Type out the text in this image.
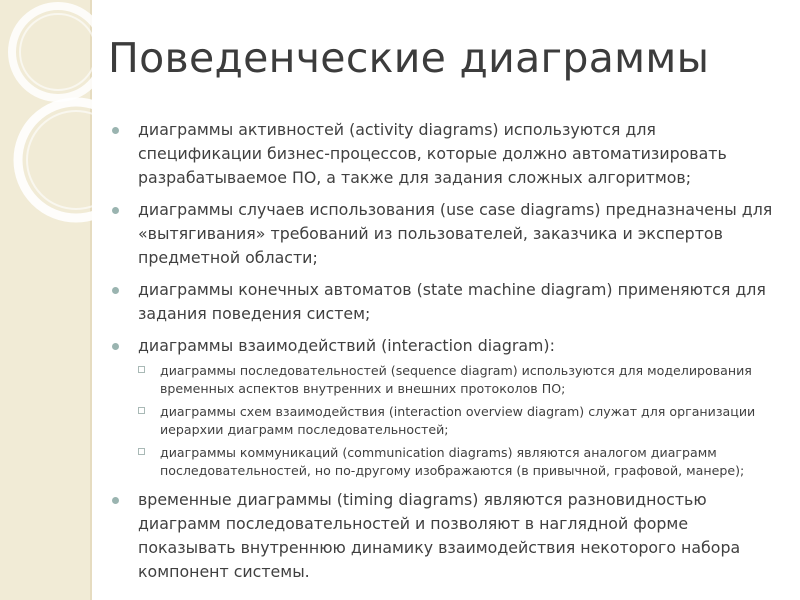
Поведенческие диаграммы
диаграммы активностей (activity diagrams) используются для спецификации бизнес-процессов, которые должно автоматизировать разрабатываемое ПО, а также для задания сложных алгоритмов;
диаграммы случаев использования (use case diagrams) предназначены для «вытягивания» требований из пользователей, заказчика и экспертов предметной области;
диаграммы конечных автоматов (state machine diagram) применяются для задания поведения систем;
диаграммы взаимодействий (interaction diagram):
диаграммы последовательностей (sequence diagram) используются для моделирования временных аспектов внутренних и внешних протоколов ПО;
диаграммы схем взаимодействия (interaction overview diagram) служат для организации иерархии диаграмм последовательностей;
диаграммы коммуникаций (communication diagrams) являются аналогом диаграмм последовательностей, но по-другому изображаются (в привычной, графовой, манере);
временные диаграммы (timing diagrams) являются разновидностью диаграмм последовательностей и позволяют в наглядной форме показывать внутреннюю динамику взаимодействия некоторого набора компонент системы.
